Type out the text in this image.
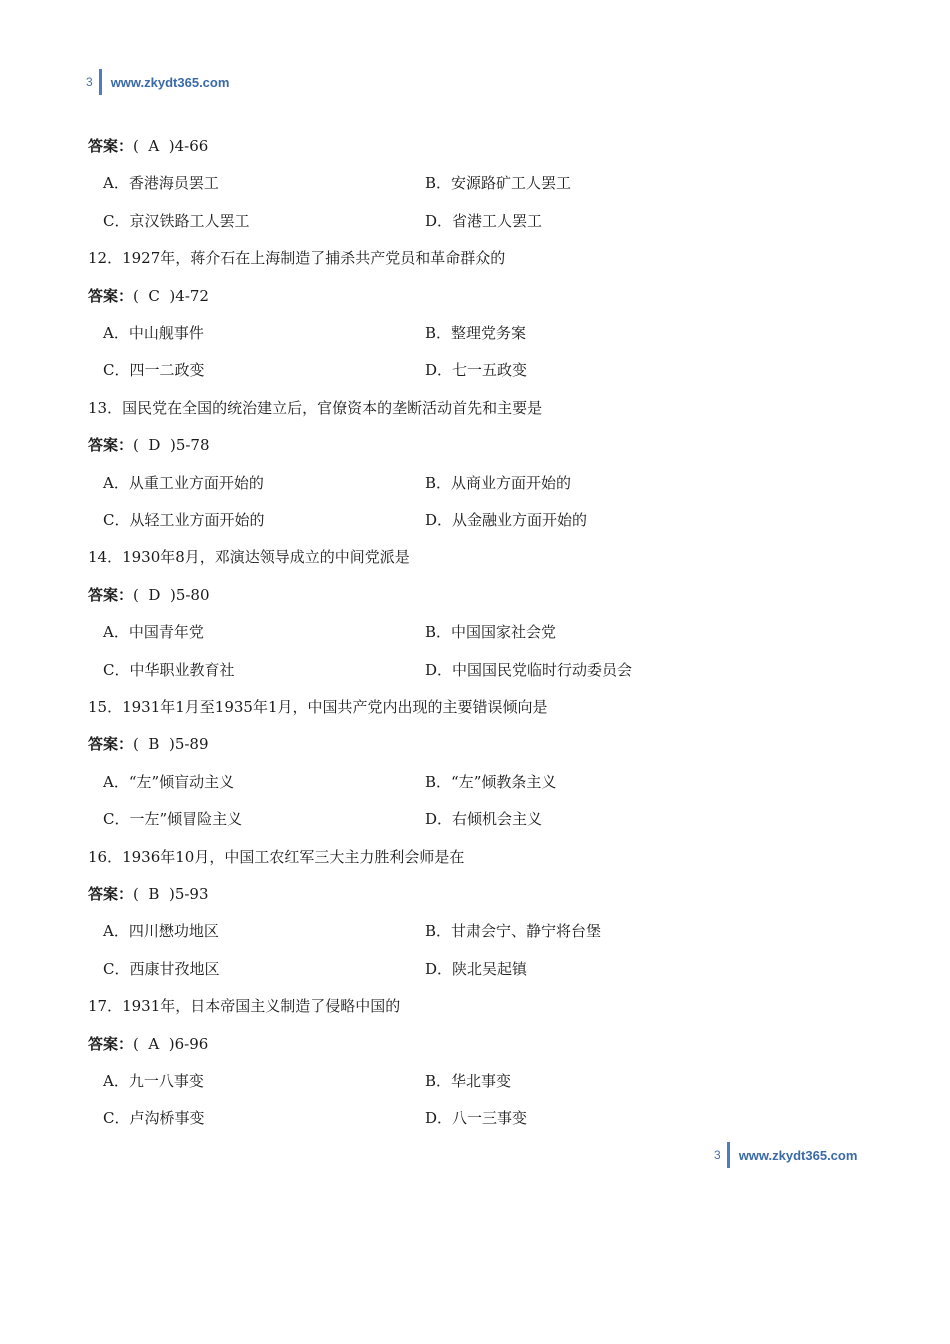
3 www.zkydt365.com
答案：(  A  )4-66
A．香港海员罢工	B．安源路矿工人罢工
C．京汉铁路工人罢工	D．省港工人罢工
12．1927年，蒋介石在上海制造了捕杀共产党员和革命群众的
答案：(  C  )4-72
A．中山舰事件	B．整理党务案
C．四一二政变	D．七一五政变
13．国民党在全国的统治建立后，官僚资本的垄断活动首先和主要是
答案：(  D  )5-78
A．从重工业方面开始的	B．从商业方面开始的
C．从轻工业方面开始的	D．从金融业方面开始的
14．1930年8月，邓演达领导成立的中间党派是
答案：(  D  )5-80
A．中国青年党	B．中国国家社会党
C．中华职业教育社	D．中国国民党临时行动委员会
15．1931年1月至1935年1月，中国共产党内出现的主要错误倾向是
答案：(  B  )5-89
A．“左”倾盲动主义	B．“左”倾教条主义
C．一左”倾冒险主义	D．右倾机会主义
16．1936年10月，中国工农红军三大主力胜利会师是在
答案：(  B  )5-93
A．四川懋功地区	B．甘肃会宁、静宁将台堡
C．西康甘孜地区	D．陕北吴起镇
17．1931年，日本帝国主义制造了侵略中国的
答案：(  A  )6-96
A．九一八事变	B．华北事变
C．卢沟桥事变	D．八一三事变
3 www.zkydt365.com
